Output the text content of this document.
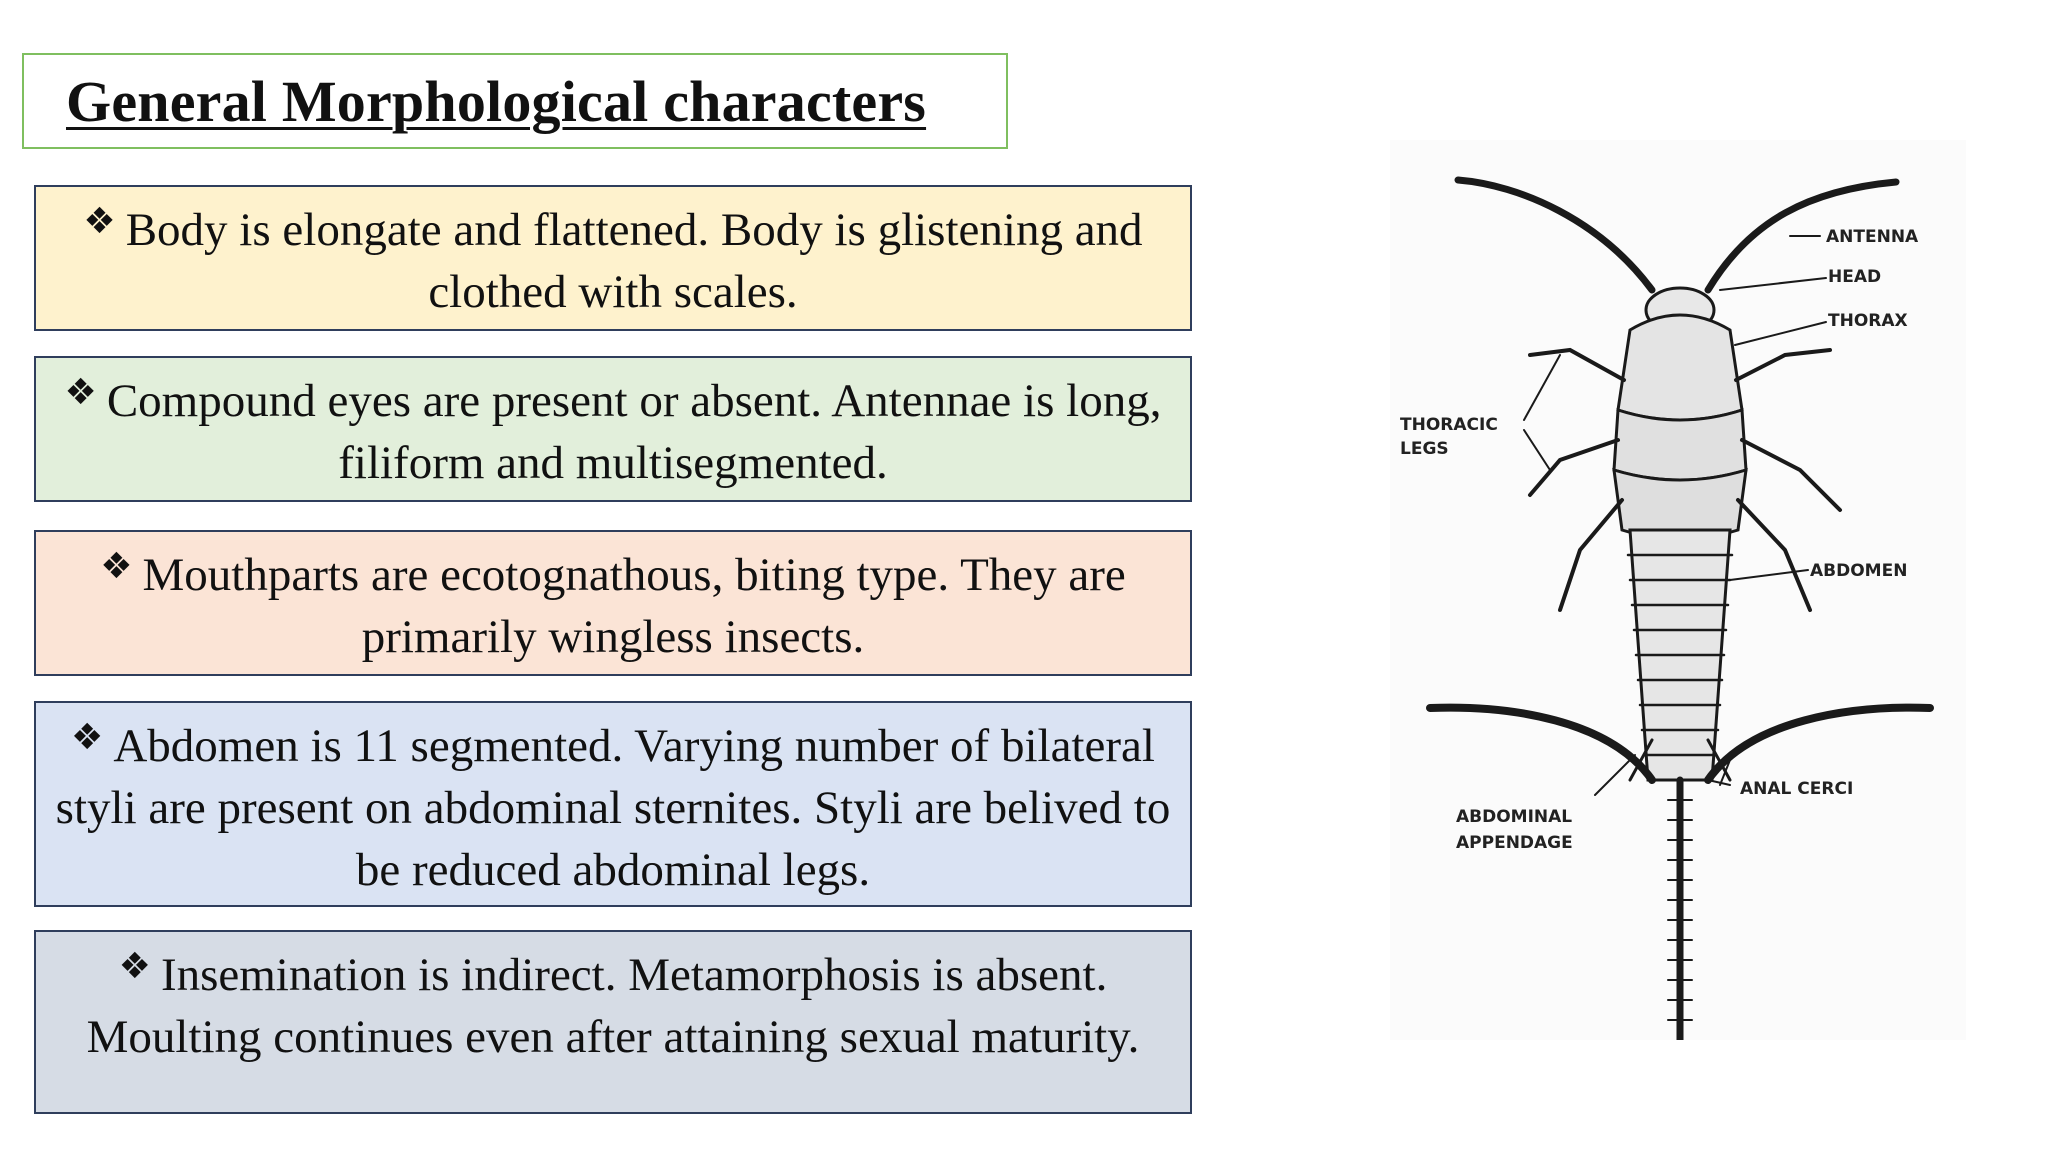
General Morphological characters
❖ Body is elongate and flattened. Body is glistening and clothed with scales.
❖ Compound eyes are present or absent. Antennae is long, filiform and multisegmented.
❖ Mouthparts are ecotognathous, biting type. They are primarily wingless insects.
❖ Abdomen is 11 segmented. Varying number of bilateral styli are present on abdominal sternites. Styli are belived to be reduced abdominal legs.
❖ Insemination is indirect. Metamorphosis is absent. Moulting continues even after attaining sexual maturity.
ANTENNA
HEAD
THORAX
THORACIC
LEGS
ABDOMEN
ANAL CERCI
ABDOMINAL
APPENDAGE
